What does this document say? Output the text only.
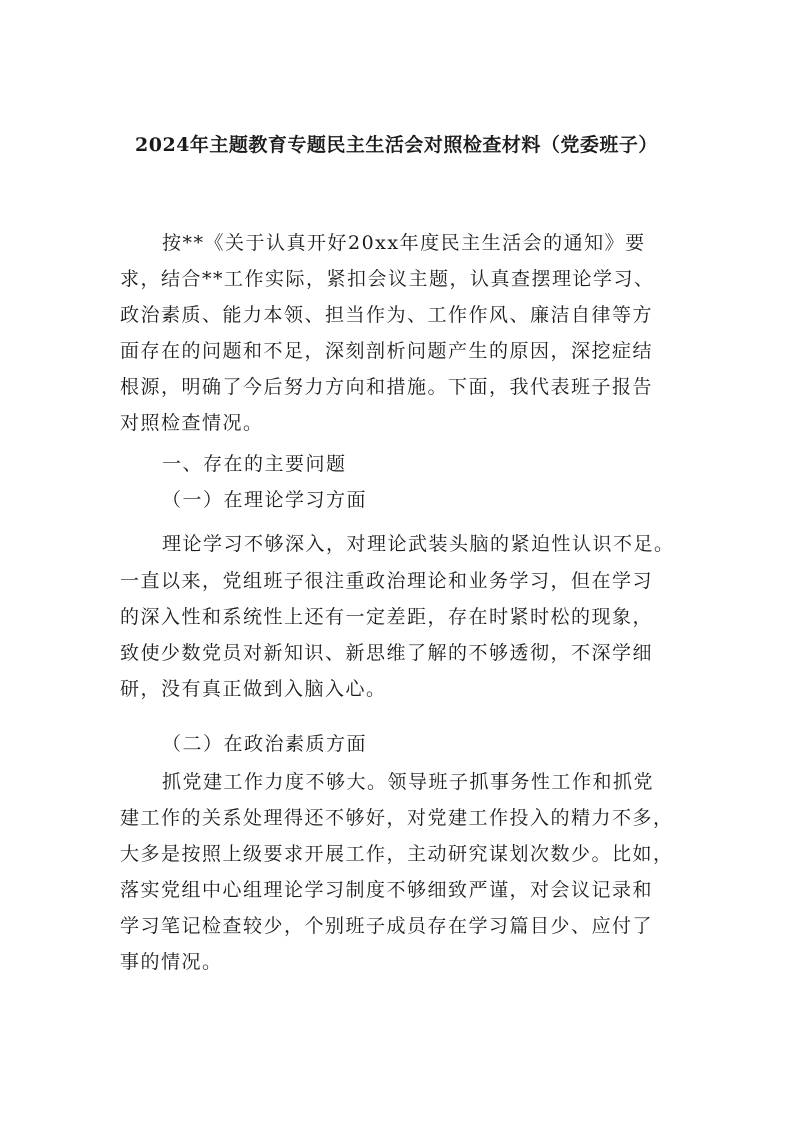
2024年主题教育专题民主生活会对照检查材料（党委班子）
按**《关于认真开好20xx年度民主生活会的通知》要
求，结合**工作实际，紧扣会议主题，认真查摆理论学习、
政治素质、能力本领、担当作为、工作作风、廉洁自律等方
面存在的问题和不足，深刻剖析问题产生的原因，深挖症结
根源，明确了今后努力方向和措施。下面，我代表班子报告
对照检查情况。
一、存在的主要问题
（一）在理论学习方面
理论学习不够深入，对理论武装头脑的紧迫性认识不足。
一直以来，党组班子很注重政治理论和业务学习，但在学习
的深入性和系统性上还有一定差距，存在时紧时松的现象，
致使少数党员对新知识、新思维了解的不够透彻，不深学细
研，没有真正做到入脑入心。
（二）在政治素质方面
抓党建工作力度不够大。领导班子抓事务性工作和抓党
建工作的关系处理得还不够好，对党建工作投入的精力不多，
大多是按照上级要求开展工作，主动研究谋划次数少。比如，
落实党组中心组理论学习制度不够细致严谨，对会议记录和
学习笔记检查较少，个别班子成员存在学习篇目少、应付了
事的情况。
